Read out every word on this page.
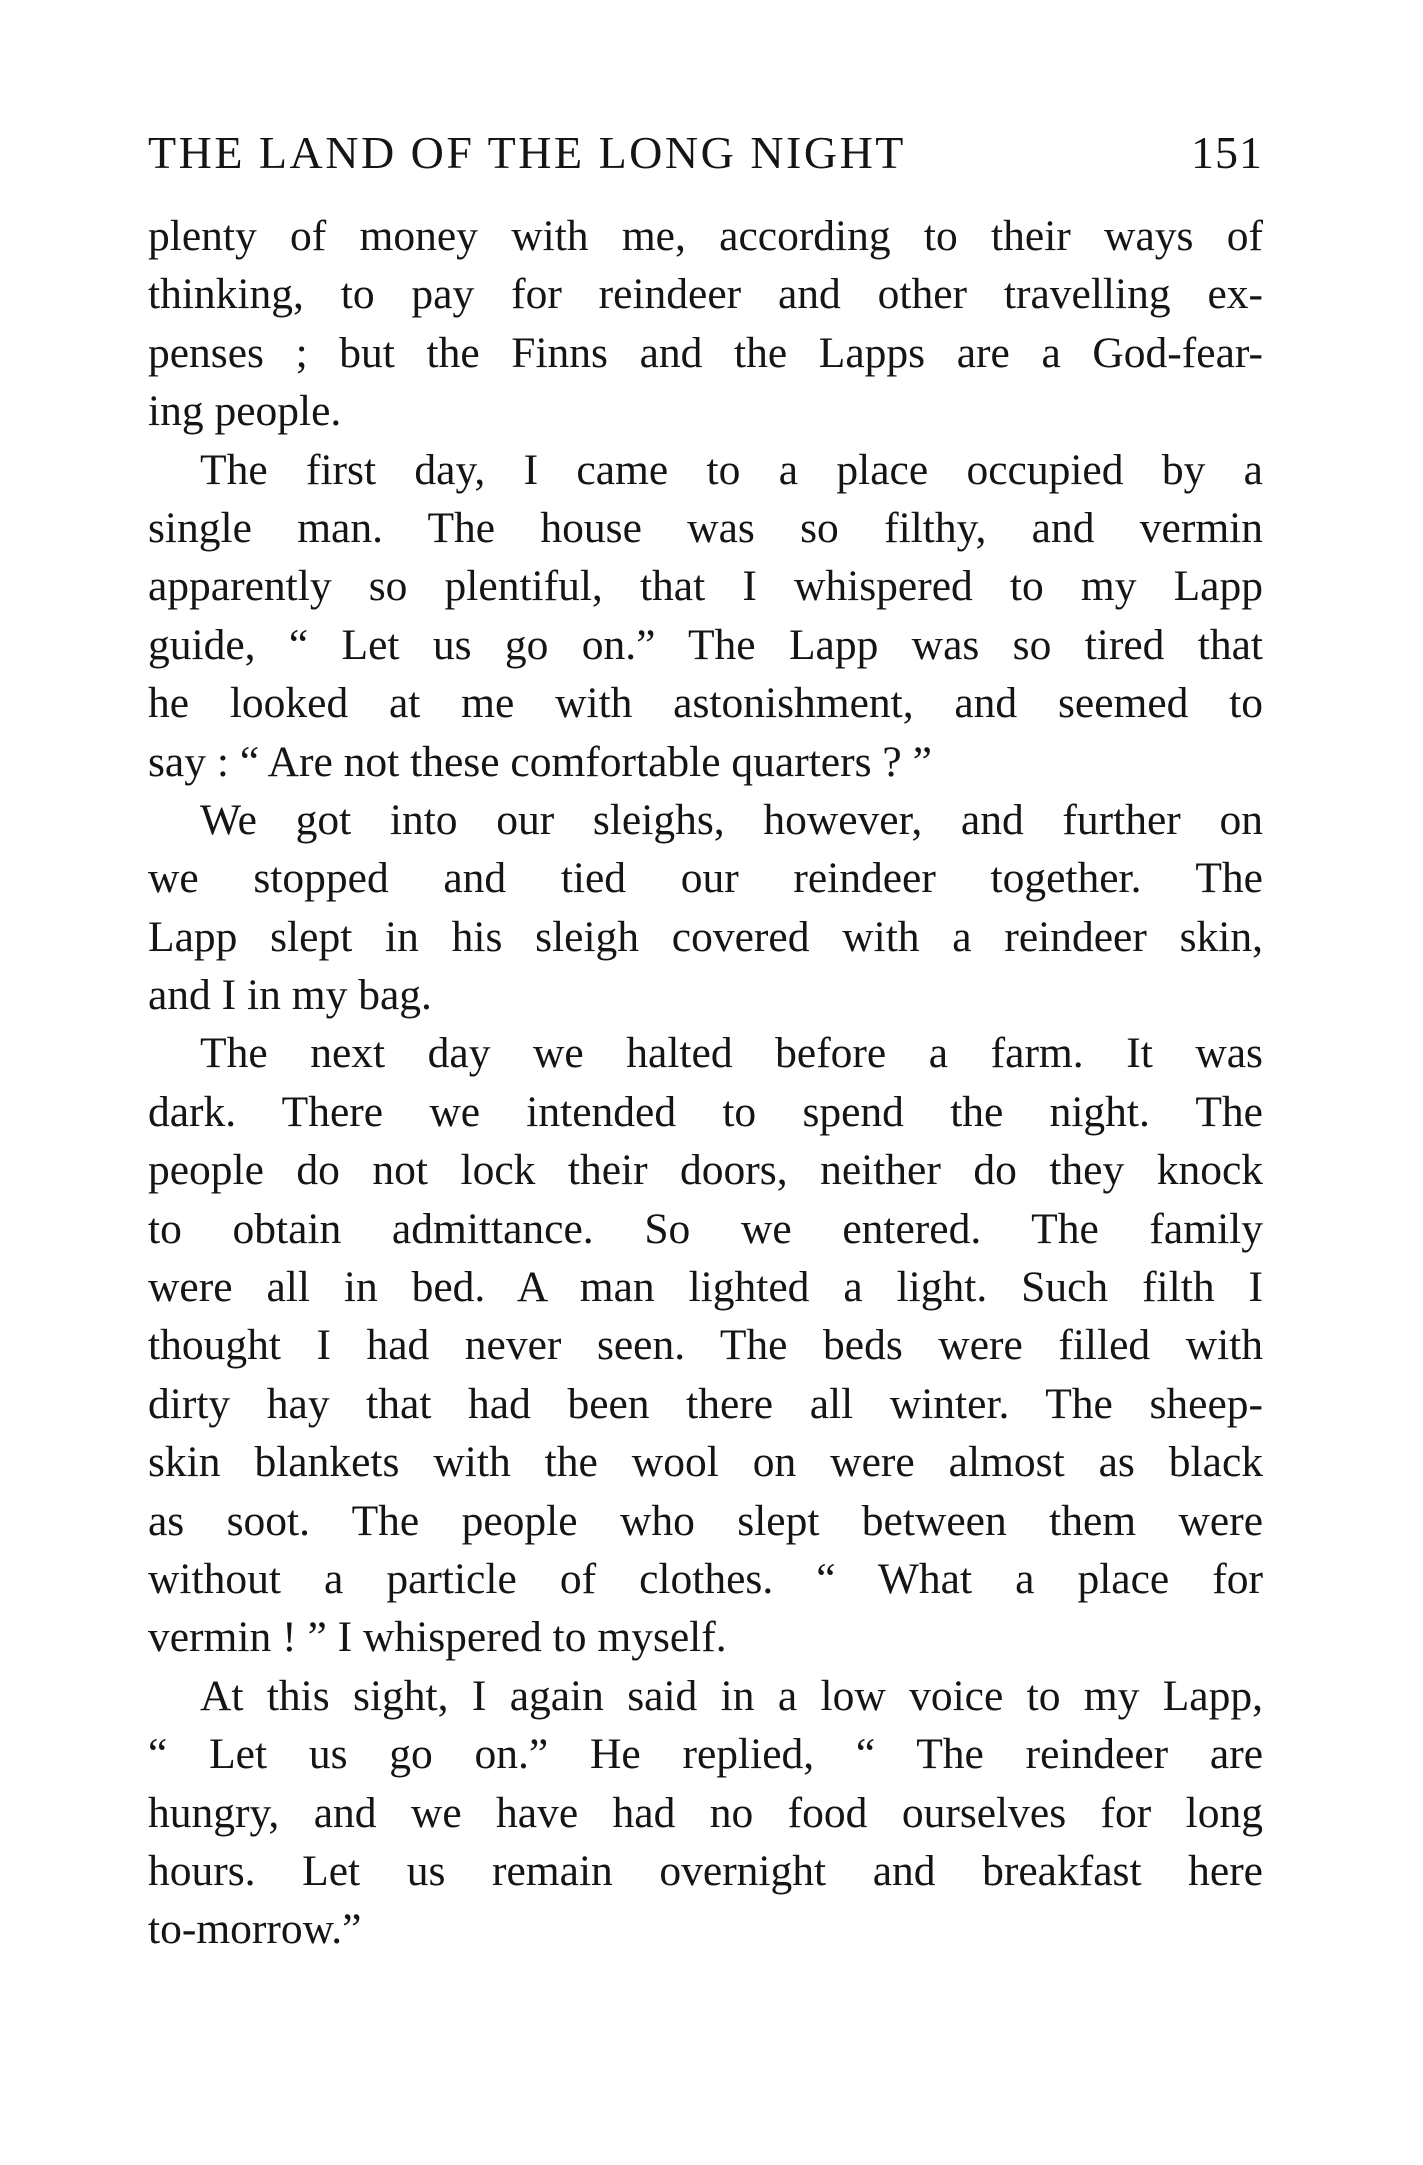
THE LAND OF THE LONG NIGHT	151
plenty of money with me, according to their ways of
thinking, to pay for reindeer and other travelling ex-
penses ; but the Finns and the Lapps are a God-fear-
ing people.
The first day, I came to a place occupied by a
single man. The house was so filthy, and vermin
apparently so plentiful, that I whispered to my Lapp
guide, “ Let us go on.” The Lapp was so tired that
he looked at me with astonishment, and seemed to
say : “ Are not these comfortable quarters ? ”
We got into our sleighs, however, and further on
we stopped and tied our reindeer together. The
Lapp slept in his sleigh covered with a reindeer skin,
and I in my bag.
The next day we halted before a farm. It was
dark. There we intended to spend the night. The
people do not lock their doors, neither do they knock
to obtain admittance. So we entered. The family
were all in bed. A man lighted a light. Such filth I
thought I had never seen. The beds were filled with
dirty hay that had been there all winter. The sheep-
skin blankets with the wool on were almost as black
as soot. The people who slept between them were
without a particle of clothes. “ What a place for
vermin ! ” I whispered to myself.
At this sight, I again said in a low voice to my Lapp,
“ Let us go on.” He replied, “ The reindeer are
hungry, and we have had no food ourselves for long
hours. Let us remain overnight and breakfast here
to-morrow.”
